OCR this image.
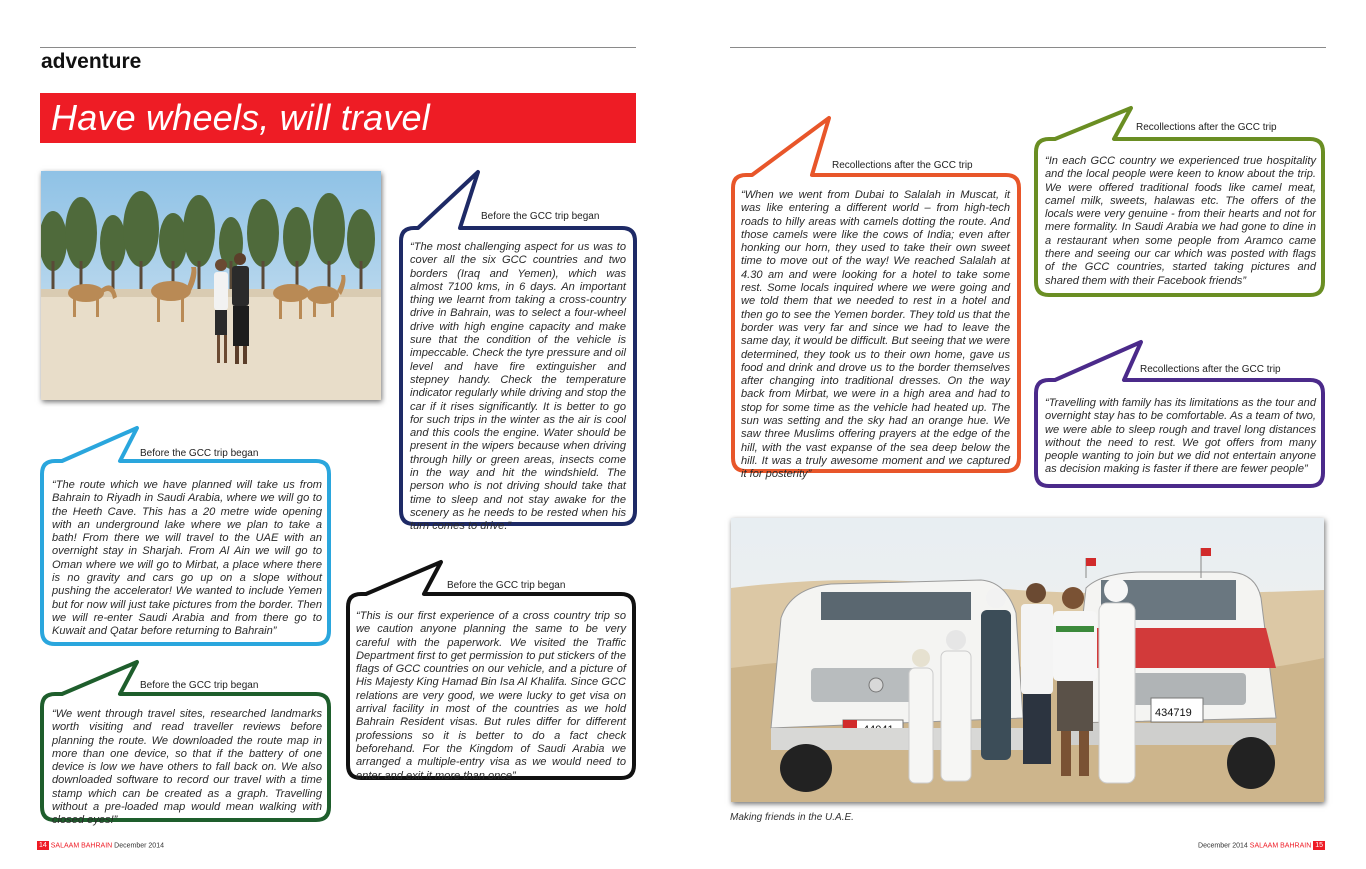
adventure
Have wheels, will travel
Before the GCC trip began
Before the GCC trip began
Before the GCC trip began
Before the GCC trip began
Recollections after the GCC trip
Recollections after the GCC trip
Recollections after the GCC trip
“The most challenging aspect for us was to cover all the six GCC countries and two borders (Iraq and Yemen), which was almost 7100 kms, in 6 days. An important thing we learnt from taking a cross-country drive in Bahrain, was to select a four-wheel drive with high engine capacity and make sure that the condition of the vehicle is impeccable. Check the tyre pressure and oil level and have fire extinguisher and stepney handy. Check the temperature indicator regularly while driving and stop the car if it rises significantly. It is better to go for such trips in the winter as the air is cool and this cools the engine. Water should be present in the wipers because when driving through hilly or green areas, insects come in the way and hit the windshield. The person who is not driving should take that time to sleep and not stay awake for the scenery as he needs to be rested when his turn comes to drive.”
“The route which we have planned will take us from Bahrain to Riyadh in Saudi Arabia, where we will go to the Heeth Cave. This has a 20 metre wide opening with an underground lake where we plan to take a bath! From there we will travel to the UAE with an overnight stay in Sharjah. From Al Ain we will go to Oman where we will go to Mirbat, a place where there is no gravity and cars go up on a slope without pushing the accelerator! We wanted to include Yemen but for now will just take pictures from the border. Then we will re-enter Saudi Arabia and from there go to Kuwait and Qatar before returning to Bahrain”
“This is our first experience of a cross country trip so we caution anyone planning the same to be very careful with the paperwork. We visited the Traffic Department first to get permission to put stickers of the flags of GCC countries on our vehicle, and a picture of His Majesty King Hamad Bin Isa Al Khalifa. Since GCC relations are very good, we were lucky to get visa on arrival facility in most of the countries as we hold Bahrain Resident visas. But rules differ for different professions so it is better to do a fact check beforehand. For the Kingdom of Saudi Arabia we arranged a multiple-entry visa as we would need to enter and exit it more than once”
“We went through travel sites, researched landmarks worth visiting and read traveller reviews before planning the route. We downloaded the route map in more than one device, so that if the battery of one device is low we have others to fall back on. We also downloaded software to record our travel with a time stamp which can be created as a graph. Travelling without a pre-loaded map would mean walking with closed eyes!”
“When we went from Dubai to Salalah in Muscat, it was like entering a different world – from high-tech roads to hilly areas with camels dotting the route. And those camels were like the cows of India; even after honking our horn, they used to take their own sweet time to move out of the way! We reached Salalah at 4.30 am and were looking for a hotel to take some rest. Some locals inquired where we were going and we told them that we needed to rest in a hotel and then go to see the Yemen border. They told us that the border was very far and since we had to leave the same day, it would be difficult. But seeing that we were determined, they took us to their own home, gave us food and drink and drove us to the border themselves after changing into traditional dresses. On the way back from Mirbat, we were in a high area and had to stop for some time as the vehicle had heated up. The sun was setting and the sky had an orange hue. We saw three Muslims offering prayers at the edge of the hill, with the vast expanse of the sea deep below the hill. It was a truly awesome moment and we captured it for posterity”
“In each GCC country we experienced true hospitality and the local people were keen to know about the trip. We were offered traditional foods like camel meat, camel milk, sweets, halawas etc. The offers of the locals were very genuine - from their hearts and not for mere formality. In Saudi Arabia we had gone to dine in a restaurant when some people from Aramco came there and seeing our car which was posted with flags of the GCC countries, started taking pictures and shared them with their Facebook friends”
“Travelling with family has its limitations as the tour and overnight stay has to be comfortable. As a team of two, we were able to sleep rough and travel long distances without the need to rest. We got offers from many people wanting to join but we did not entertain anyone as decision making is faster if there are fewer people”
434719
Making friends in the U.A.E.
14 SALAAM BAHRAIN December 2014	December 2014 SALAAM BAHRAIN 15
